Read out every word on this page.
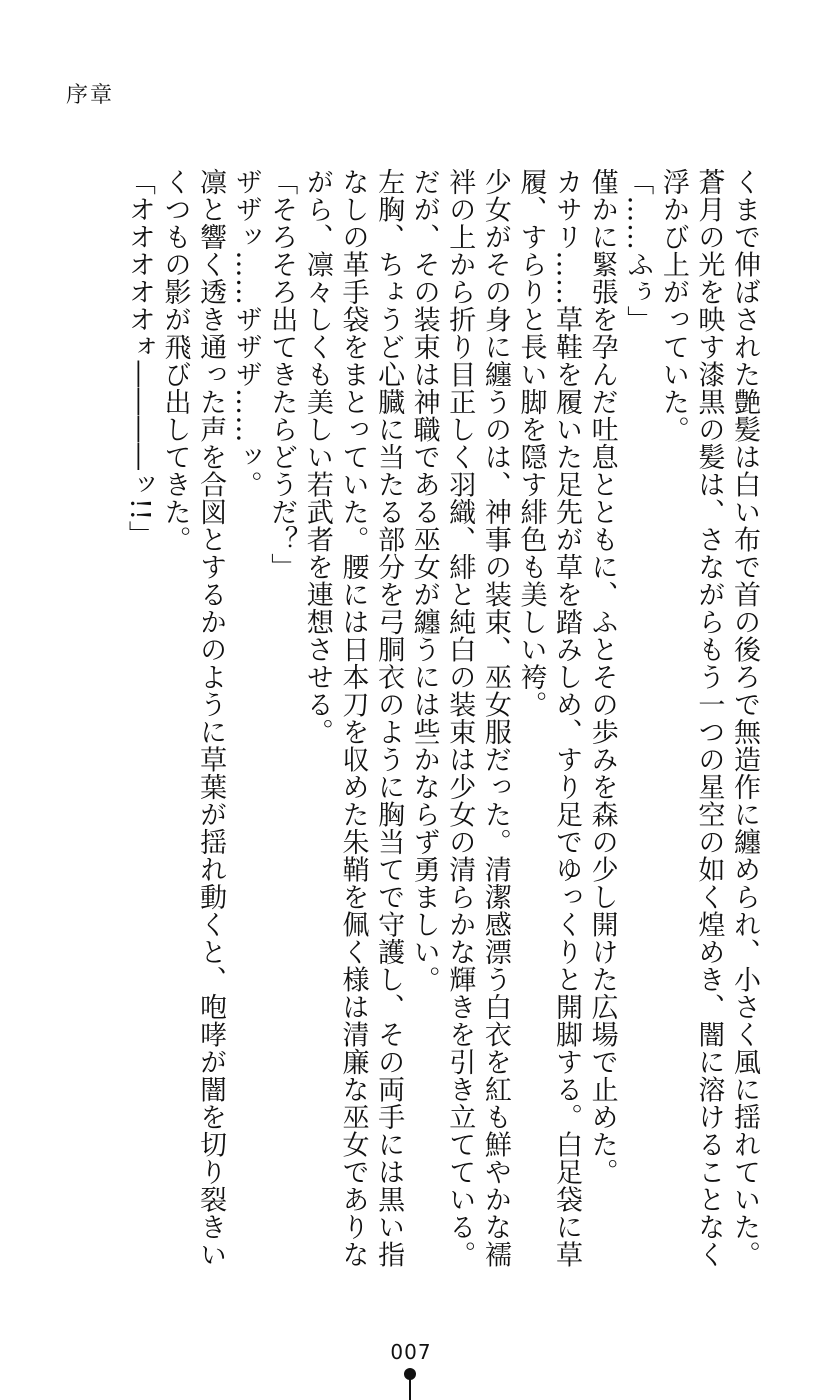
序章

くまで伸ばされた艶髪は白い布で首の後ろで無造作に纏められ、小さく風に揺れていた。

蒼月の光を映す漆黒の髪は、さながらもう一つの星空の如く煌めき、闇に溶けることなく浮かび上がっていた。

「……ふぅ」

僅かに緊張を孕んだ吐息とともに、ふとその歩みを森の少し開けた広場で止めた。

カサリ……草鞋を履いた足先が草を踏みしめ、すり足でゆっくりと開脚する。白足袋に草履、すらりと長い脚を隠す緋色も美しい袴。

少女がその身に纏うのは、神事の装束、巫女服だった。清潔感漂う白衣を紅も鮮やかな襦袢の上から折り目正しく羽織、緋と純白の装束は少女の清らかな輝きを引き立てている。だが、その装束は神職である巫女が纏うには些かならず勇ましい。

左胸、ちょうど心臓に当たる部分を弓胴衣のように胸当てで守護し、その両手には黒い指なしの革手袋をまとっていた。腰には日本刀を収めた朱鞘を佩く様は清廉な巫女でありながら、凛々しくも美しい若武者を連想させる。

「そろそろ出てきたらどうだ？」

ザザッ……ザザザ……ッ。

凛と響く透き通った声を合図とするかのように草葉が揺れ動くと、咆哮が闇を切り裂きいくつもの影が飛び出してきた。

「オオオオオォ――――ッ!!」

007
